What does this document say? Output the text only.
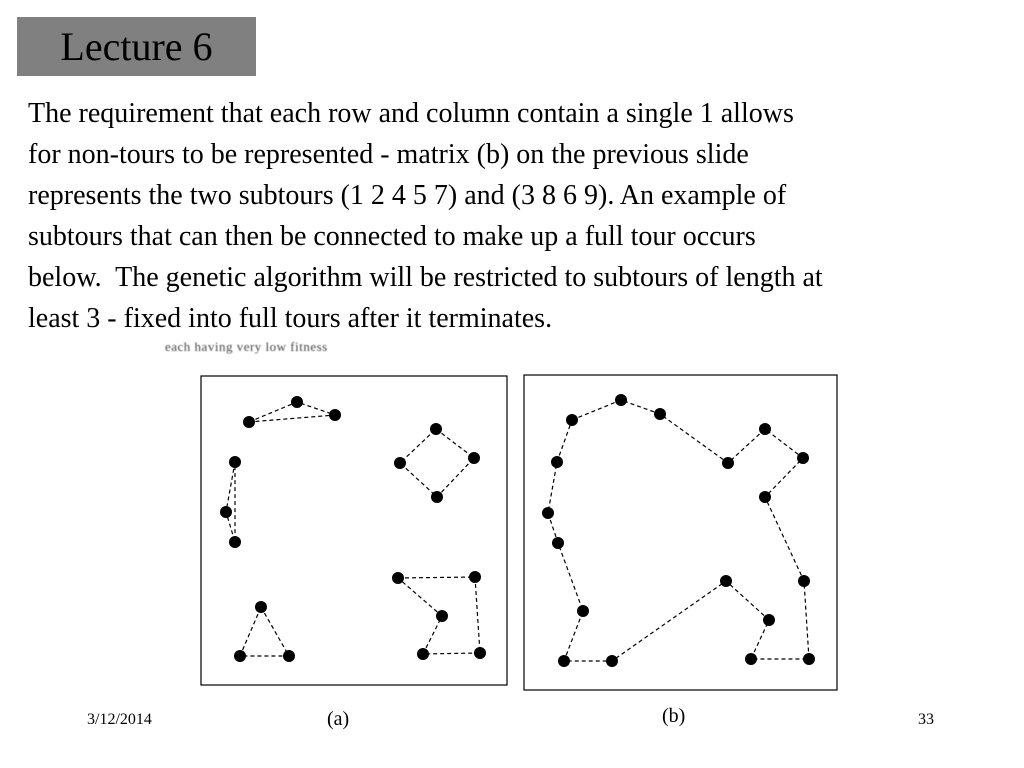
Lecture 6
The requirement that each row and column contain a single 1 allows
for non-tours to be represented - matrix (b) on the previous slide
represents the two subtours (1 2 4 5 7) and (3 8 6 9). An example of
subtours that can then be connected to make up a full tour occurs
below.  The genetic algorithm will be restricted to subtours of length at
least 3 - fixed into full tours after it terminates.
each having very low fitness
(a)	(b)
3/12/2014	33
